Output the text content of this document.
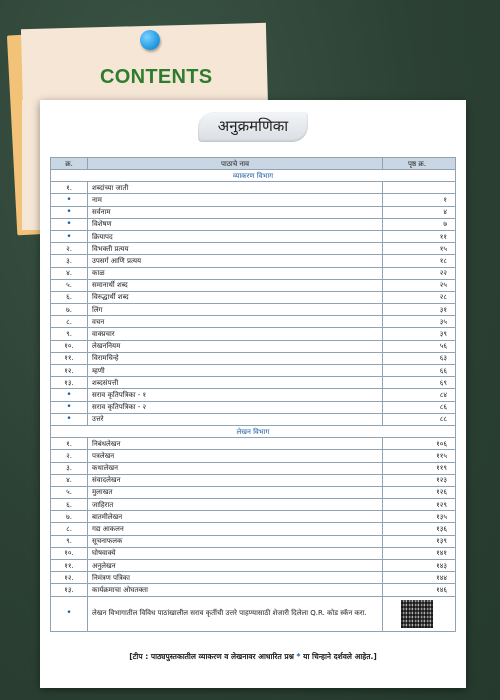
CONTENTS
अनुक्रमणिका
क्र.	पाठाचे नाव	पृष्ठ क्र.
व्याकरण विभाग		
१.	शब्दांच्या जाती	
•	नाम	१
•	सर्वनाम	४
•	विशेषण	७
•	क्रियापद	११
२.	विभक्ती प्रत्यय	१५
३.	उपसर्ग आणि प्रत्यय	१८
४.	काळ	२२
५.	समानार्थी शब्द	२५
६.	विरुद्धार्थी शब्द	२८
७.	लिंग	३१
८.	वचन	३५
९.	वाक्प्रचार	३९
१०.	लेखननियम	५६
११.	विरामचिन्हे	६३
१२.	म्हणी	६६
१३.	शब्दसंपत्ती	६९
•	सराव कृतिपत्रिका - १	८४
•	सराव कृतिपत्रिका - २	८६
•	उत्तरे	८८
लेखन विभाग		
१.	निबंधलेखन	१०६
२.	पत्रलेखन	११५
३.	कथालेखन	११९
४.	संवादलेखन	१२३
५.	मुलाखत	१२६
६.	जाहिरात	१२९
७.	बातमीलेखन	१३५
८.	गद्य आकलन	१३६
९.	सूचनाफलक	१३९
१०.	घोषवाक्ये	१४१
११.	अनुलेखन	१४३
१२.	निमंत्रण पत्रिका	१४४
१३.	कार्यक्रमाचा ओघतक्ता	१४६
•	लेखन विभागातील विविध पाठांखालील सराव कृतींची उत्तरे पाहण्यासाठी शेजारी दिलेला Q.R. कोड स्कॅन करा.	
[टीप : पाठ्यपुस्तकातील व्याकरण व लेखनावर आधारित प्रश्न * या चिन्हाने दर्शवले आहेत.]
